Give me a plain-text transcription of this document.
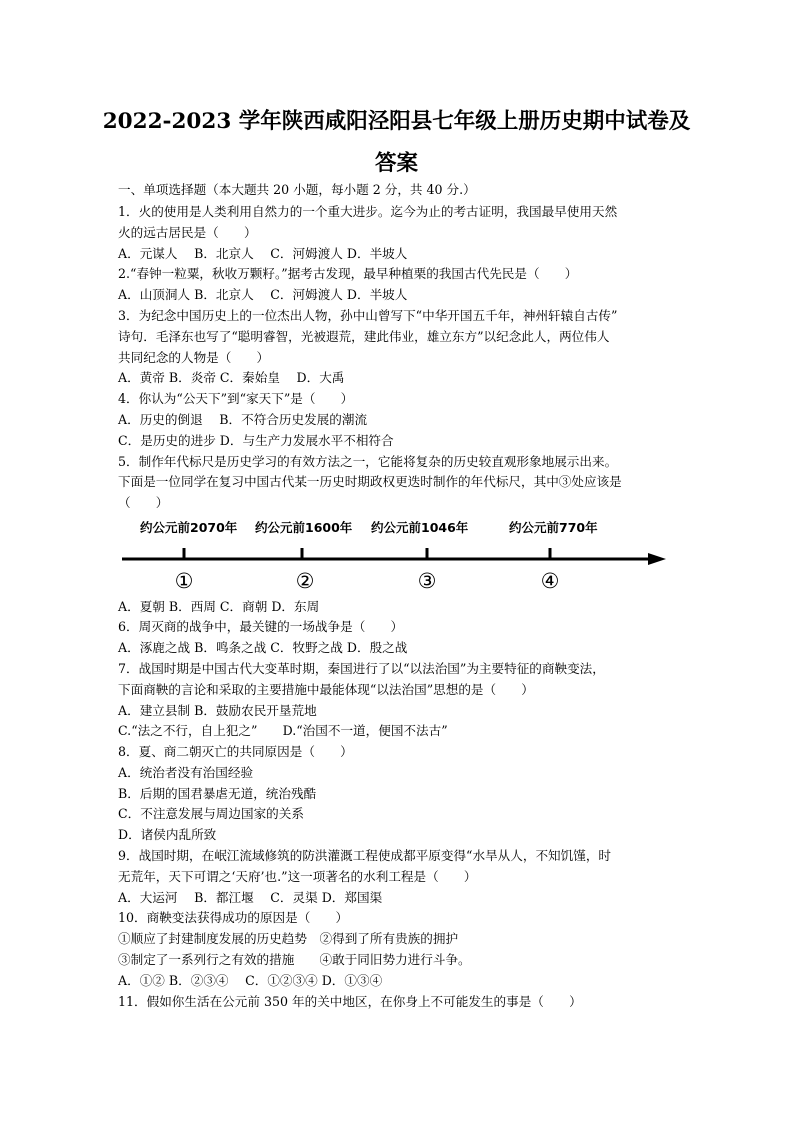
2022-2023 学年陕西咸阳泾阳县七年级上册历史期中试卷及
答案
一、单项选择题（本大题共 20 小题，每小题 2 分，共 40 分.）
1．火的使用是人类利用自然力的一个重大进步。迄今为止的考古证明，我国最早使用天然
火的远古居民是（　　）
A．元谋人　 B．北京人　 C．河姆渡人 D．半坡人
2.“春钟一粒粟，秋收万颗籽。”据考古发现，最早种植栗的我国古代先民是（　　）
A．山顶洞人 B．北京人　 C．河姆渡人 D．半坡人
3．为纪念中国历史上的一位杰出人物，孙中山曾写下“中华开国五千年，神州轩辕自古传”
诗句．毛泽东也写了“聪明睿智，光被遐荒，建此伟业，雄立东方”以纪念此人，两位伟人
共同纪念的人物是（　　）
A．黄帝 B．炎帝 C．秦始皇　 D．大禹
4．你认为“公天下”到“家天下”是（　　）
A．历史的倒退　 B．不符合历史发展的潮流
C．是历史的进步 D．与生产力发展水平不相符合
5．制作年代标尺是历史学习的有效方法之一，它能将复杂的历史较直观形象地展示出来。
下面是一位同学在复习中国古代某一历史时期政权更迭时制作的年代标尺，其中③处应该是
（　　）
约公元前2070年 约公元前1600年 约公元前1046年	约公元前770年
①	②	③	④
A．夏朝 B．西周 C．商朝 D．东周
6．周灭商的战争中，最关键的一场战争是（　　）
A．涿鹿之战 B．鸣条之战 C．牧野之战 D．殷之战
7．战国时期是中国古代大变革时期，秦国进行了以“以法治国”为主要特征的商鞅变法，
下面商鞅的言论和采取的主要措施中最能体现“以法治国”思想的是（　　）
A．建立县制 B．鼓励农民开垦荒地
C.“法之不行，自上犯之”　　D.“治国不一道，便国不法古”
8．夏、商二朝灭亡的共同原因是（　　）
A．统治者没有治国经验
B．后期的国君暴虐无道，统治残酷
C．不注意发展与周边国家的关系
D．诸侯内乱所致
9．战国时期，在岷江流域修筑的防洪灌溉工程使成都平原变得“水旱从人，不知饥馑，时
无荒年，天下可谓之‘天府’也.”这一项著名的水利工程是（　　）
A．大运河　 B．都江堰　 C．灵渠 D．郑国渠
10．商鞅变法获得成功的原因是（　　）
①顺应了封建制度发展的历史趋势　②得到了所有贵族的拥护
③制定了一系列行之有效的措施　　④敢于同旧势力进行斗争。
A．①② B．②③④　 C．①②③④ D．①③④
11．假如你生活在公元前 350 年的关中地区，在你身上不可能发生的事是（　　）
